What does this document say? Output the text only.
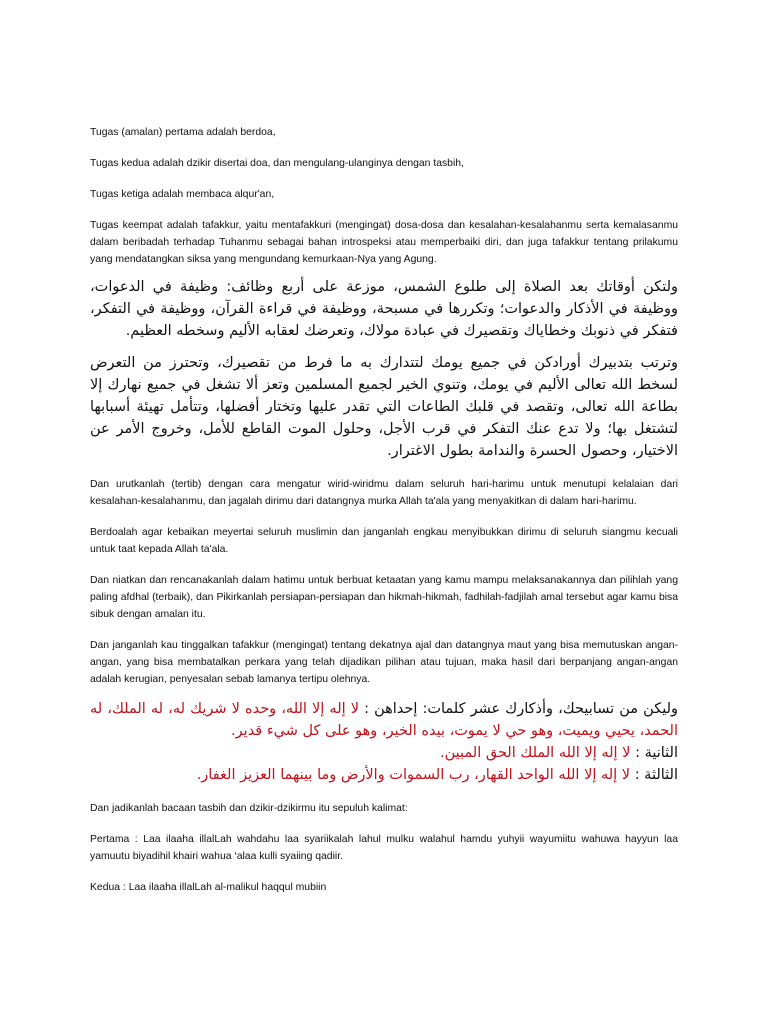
Tugas (amalan) pertama adalah berdoa,

Tugas kedua adalah dzikir disertai doa, dan mengulang-ulanginya dengan tasbih,

Tugas ketiga adalah membaca alqur'an,

Tugas keempat adalah tafakkur, yaitu mentafakkuri (mengingat) dosa-dosa dan kesalahan-kesalahanmu serta kemalasanmu dalam beribadah terhadap Tuhanmu sebagai bahan introspeksi atau memperbaiki diri, dan juga tafakkur tentang prilakumu yang mendatangkan siksa yang mengundang kemurkaan-Nya yang Agung.

ولتكن أوقاتك بعد الصلاة إلى طلوع الشمس، موزعة على أربع وظائف: وظيفة في الدعوات، ووظيفة في الأذكار والدعوات؛ وتكررها في مسبحة، ووظيفة في قراءة القرآن، ووظيفة في التفكر، فتفكر في ذنوبك وخطاياك وتقصيرك في عبادة مولاك، وتعرضك لعقابه الأليم وسخطه العظيم.

وترتب بتدبيرك أورادكن في جميع يومك لتتدارك به ما فرط من تقصيرك، وتحترز من التعرض لسخط الله تعالى الأليم في يومك، وتنوي الخير لجميع المسلمين وتعز ألا تشغل في جميع نهارك إلا بطاعة الله تعالى، وتقصد في قلبك الطاعات التي تقدر عليها وتختار أفضلها، وتتأمل تهيئة أسبابها لتشتغل بها؛ ولا تدع عنك التفكر في قرب الأجل، وحلول الموت القاطع للأمل، وخروج الأمر عن الاختيار، وحصول الحسرة والندامة بطول الاغترار.

Dan urutkanlah (tertib) dengan cara mengatur wirid-wiridmu dalam seluruh hari-harimu untuk menutupi kelalaian dari kesalahan-kesalahanmu, dan jagalah dirimu dari datangnya murka Allah ta'ala yang menyakitkan di dalam hari-harimu.

Berdoalah agar kebaikan meyertai seluruh muslimin dan janganlah engkau menyibukkan dirimu di seluruh siangmu kecuali untuk taat kepada Allah ta'ala.

Dan niatkan dan rencanakanlah dalam hatimu untuk berbuat ketaatan yang kamu mampu melaksanakannya dan pilihlah yang paling afdhal (terbaik), dan Pikirkanlah persiapan-persiapan dan hikmah-hikmah, fadhilah-fadjilah amal tersebut agar kamu bisa sibuk dengan amalan itu.

Dan janganlah kau tinggalkan tafakkur (mengingat) tentang dekatnya ajal dan datangnya maut yang bisa memutuskan angan-angan, yang bisa membatalkan perkara yang telah dijadikan pilihan atau tujuan, maka hasil dari berpanjang angan-angan adalah kerugian, penyesalan sebab lamanya tertipu olehnya.

وليكن من تسابيحك، وأذكارك عشر كلمات: إحداهن : لا إله إلا الله، وحده لا شريك له، له الملك، له الحمد، يحيي ويميت، وهو حي لا يموت، بيده الخير، وهو على كل شيء قدير.

الثانية : لا إله إلا الله الملك الحق المبين.

الثالثة : لا إله إلا الله الواحد القهار، رب السموات والأرض وما بينهما العزيز الغفار.

Dan jadikanlah bacaan tasbih dan dzikir-dzikirmu itu sepuluh kalimat:

Pertama : Laa ilaaha illalLah wahdahu laa syariikalah lahul mulku walahul hamdu yuhyii wayumiitu wahuwa hayyun laa yamuutu biyadihil khairi wahua ‘alaa kulli syaiing qadiir.

Kedua : Laa ilaaha illalLah al-malikul haqqul mubiin
